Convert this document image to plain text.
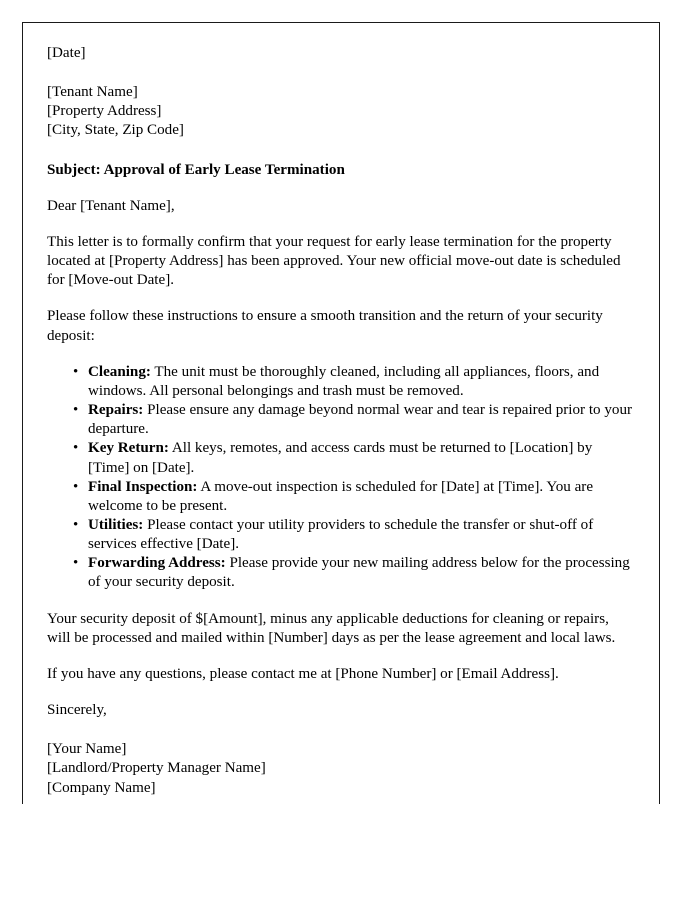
[Date]

[Tenant Name]

[Property Address]

[City, State, Zip Code]

Subject: Approval of Early Lease Termination

Dear [Tenant Name],

This letter is to formally confirm that your request for early lease termination for the property located at [Property Address] has been approved. Your new official move-out date is scheduled for [Move-out Date].

Please follow these instructions to ensure a smooth transition and the return of your security deposit:

• Cleaning: The unit must be thoroughly cleaned, including all appliances, floors, and windows. All personal belongings and trash must be removed.
• Repairs: Please ensure any damage beyond normal wear and tear is repaired prior to your departure.
• Key Return: All keys, remotes, and access cards must be returned to [Location] by [Time] on [Date].
• Final Inspection: A move-out inspection is scheduled for [Date] at [Time]. You are welcome to be present.
• Utilities: Please contact your utility providers to schedule the transfer or shut-off of services effective [Date].
• Forwarding Address: Please provide your new mailing address below for the processing of your security deposit.

Your security deposit of $[Amount], minus any applicable deductions for cleaning or repairs, will be processed and mailed within [Number] days as per the lease agreement and local laws.

If you have any questions, please contact me at [Phone Number] or [Email Address].

Sincerely,

[Your Name]

[Landlord/Property Manager Name]

[Company Name]
